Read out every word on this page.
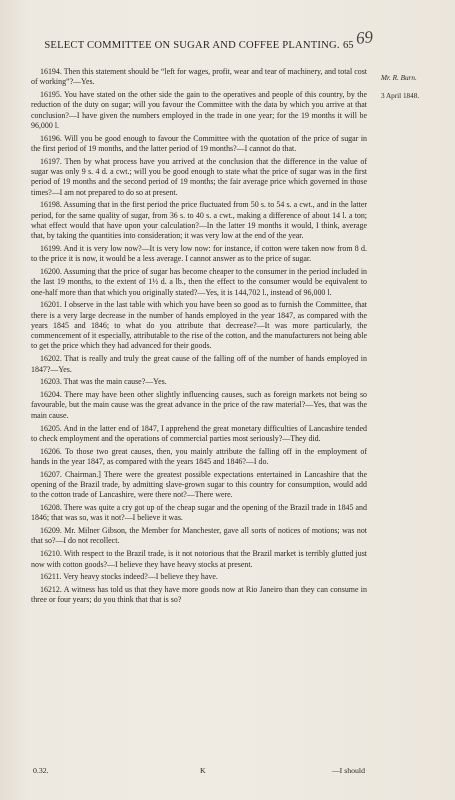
SELECT COMMITTEE ON SUGAR AND COFFEE PLANTING. 65 69
Mr. R. Burn.
3 April 1848.

16194. Then this statement should be “left for wages, profit, wear and tear of machinery, and total cost of working”?—Yes.

16195. You have stated on the other side the gain to the operatives and people of this country, by the reduction of the duty on sugar; will you favour the Committee with the data by which you arrive at that conclusion?—I have given the numbers employed in the trade in one year; for the 19 months it will be 96,000 l.

16196. Will you be good enough to favour the Committee with the quotation of the price of sugar in the first period of 19 months, and the latter period of 19 months?—I cannot do that.

16197. Then by what process have you arrived at the conclusion that the difference in the value of sugar was only 9 s. 4 d. a cwt.; will you be good enough to state what the price of sugar was in the first period of 19 months and the second period of 19 months; the fair average price which governed in those times?—I am not prepared to do so at present.

16198. Assuming that in the first period the price fluctuated from 50 s. to 54 s. a cwt., and in the latter period, for the same quality of sugar, from 36 s. to 40 s. a cwt., making a difference of about 14 l. a ton; what effect would that have upon your calculation?—In the latter 19 months it would, I think, average that, by taking the quantities into consideration; it was very low at the end of the year.

16199. And it is very low now?—It is very low now: for instance, if cotton were taken now from 8 d. to the price it is now, it would be a less average. I cannot answer as to the price of sugar.

16200. Assuming that the price of sugar has become cheaper to the consumer in the period included in the last 19 months, to the extent of 1½ d. a lb., then the effect to the consumer would be equivalent to one-half more than that which you originally stated?—Yes, it is 144,702 l., instead of 96,000 l.

16201. I observe in the last table with which you have been so good as to furnish the Committee, that there is a very large decrease in the number of hands employed in the year 1847, as compared with the years 1845 and 1846; to what do you attribute that decrease?—It was more particularly, the commencement of it especially, attributable to the rise of the cotton, and the manufacturers not being able to get the price which they had advanced for their goods.

16202. That is really and truly the great cause of the falling off of the number of hands employed in 1847?—Yes.

16203. That was the main cause?—Yes.

16204. There may have been other slightly influencing causes, such as foreign markets not being so favourable, but the main cause was the great advance in the price of the raw material?—Yes, that was the main cause.

16205. And in the latter end of 1847, I apprehend the great monetary difficulties of Lancashire tended to check employment and the operations of commercial parties most seriously?—They did.

16206. To those two great causes, then, you mainly attribute the falling off in the employment of hands in the year 1847, as compared with the years 1845 and 1846?—I do.

16207. Chairman.] There were the greatest possible expectations entertained in Lancashire that the opening of the Brazil trade, by admitting slave-grown sugar to this country for consumption, would add to the cotton trade of Lancashire, were there not?—There were.

16208. There was quite a cry got up of the cheap sugar and the opening of the Brazil trade in 1845 and 1846; that was so, was it not?—I believe it was.

16209. Mr. Milner Gibson, the Member for Manchester, gave all sorts of notices of motions; was not that so?—I do not recollect.

16210. With respect to the Brazil trade, is it not notorious that the Brazil market is terribly glutted just now with cotton goods?—I believe they have heavy stocks at present.

16211. Very heavy stocks indeed?—I believe they have.

16212. A witness has told us that they have more goods now at Rio Janeiro than they can consume in three or four years; do you think that that is so?

0.32.	K	—I should
